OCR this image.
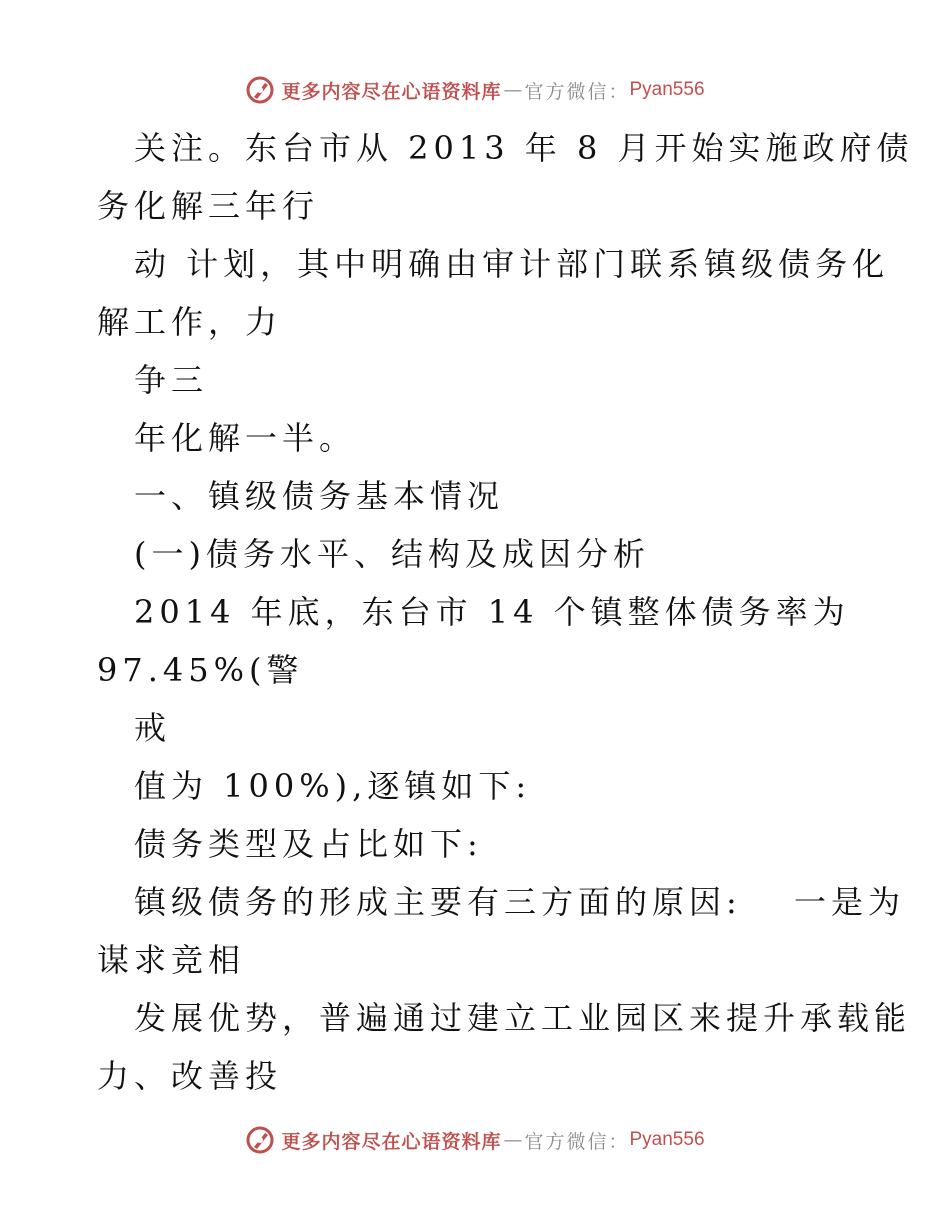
更多内容尽在心语资料库 — 官方微信： Pyan556
关注。东台市从 2013 年 8 月开始实施政府债
务化解三年行
动 计划，其中明确由审计部门联系镇级债务化
解工作，力
争三
年化解一半。
一、镇级债务基本情况
(一)债务水平、结构及成因分析
2014 年底，东台市 14 个镇整体债务率为
97.45%(警
戒
值为 100%),逐镇如下:
债务类型及占比如下:
镇级债务的形成主要有三方面的原因:　 一是为
谋求竞相
发展优势，普遍通过建立工业园区来提升承载能
力、改善投
更多内容尽在心语资料库 — 官方微信： Pyan556
